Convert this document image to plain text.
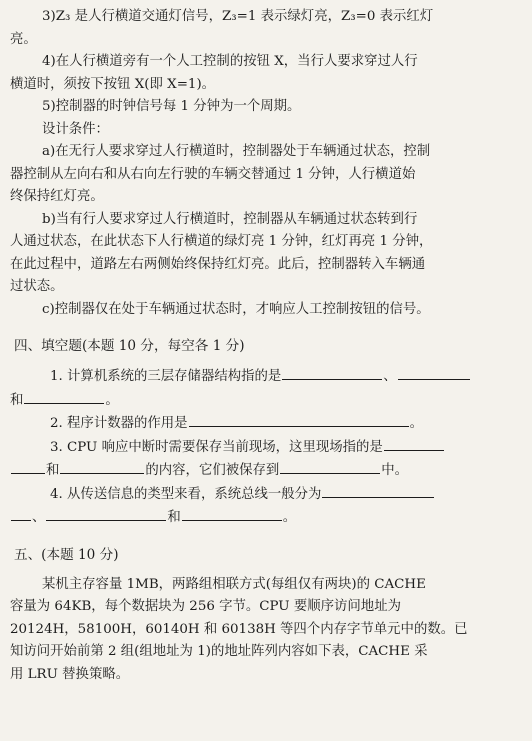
3)Z₃ 是人行横道交通灯信号，Z₃=1 表示绿灯亮，Z₃=0 表示红灯
亮。
4)在人行横道旁有一个人工控制的按钮 X，当行人要求穿过人行
横道时，须按下按钮 X(即 X=1)。
5)控制器的时钟信号每 1 分钟为一个周期。
设计条件：
a)在无行人要求穿过人行横道时，控制器处于车辆通过状态，控制
器控制从左向右和从右向左行驶的车辆交替通过 1 分钟，人行横道始
终保持红灯亮。
b)当有行人要求穿过人行横道时，控制器从车辆通过状态转到行
人通过状态，在此状态下人行横道的绿灯亮 1 分钟，红灯再亮 1 分钟，
在此过程中，道路左右两侧始终保持红灯亮。此后，控制器转入车辆通
过状态。
c)控制器仅在处于车辆通过状态时，才响应人工控制按钮的信号。
四、填空题(本题 10 分，每空各 1 分)
1. 计算机系统的三层存储器结构指的是	、
和	。
2. 程序计数器的作用是	。
3. CPU 响应中断时需要保存当前现场，这里现场指的是
和	的内容，它们被保存到	中。
4. 从传送信息的类型来看，系统总线一般分为
、	和	。
五、(本题 10 分)
某机主存容量 1MB，两路组相联方式(每组仅有两块)的 CACHE
容量为 64KB，每个数据块为 256 字节。CPU 要顺序访问地址为
20124H，58100H，60140H 和 60138H 等四个内存字节单元中的数。已
知访问开始前第 2 组(组地址为 1)的地址阵列内容如下表，CACHE 采
用 LRU 替换策略。
